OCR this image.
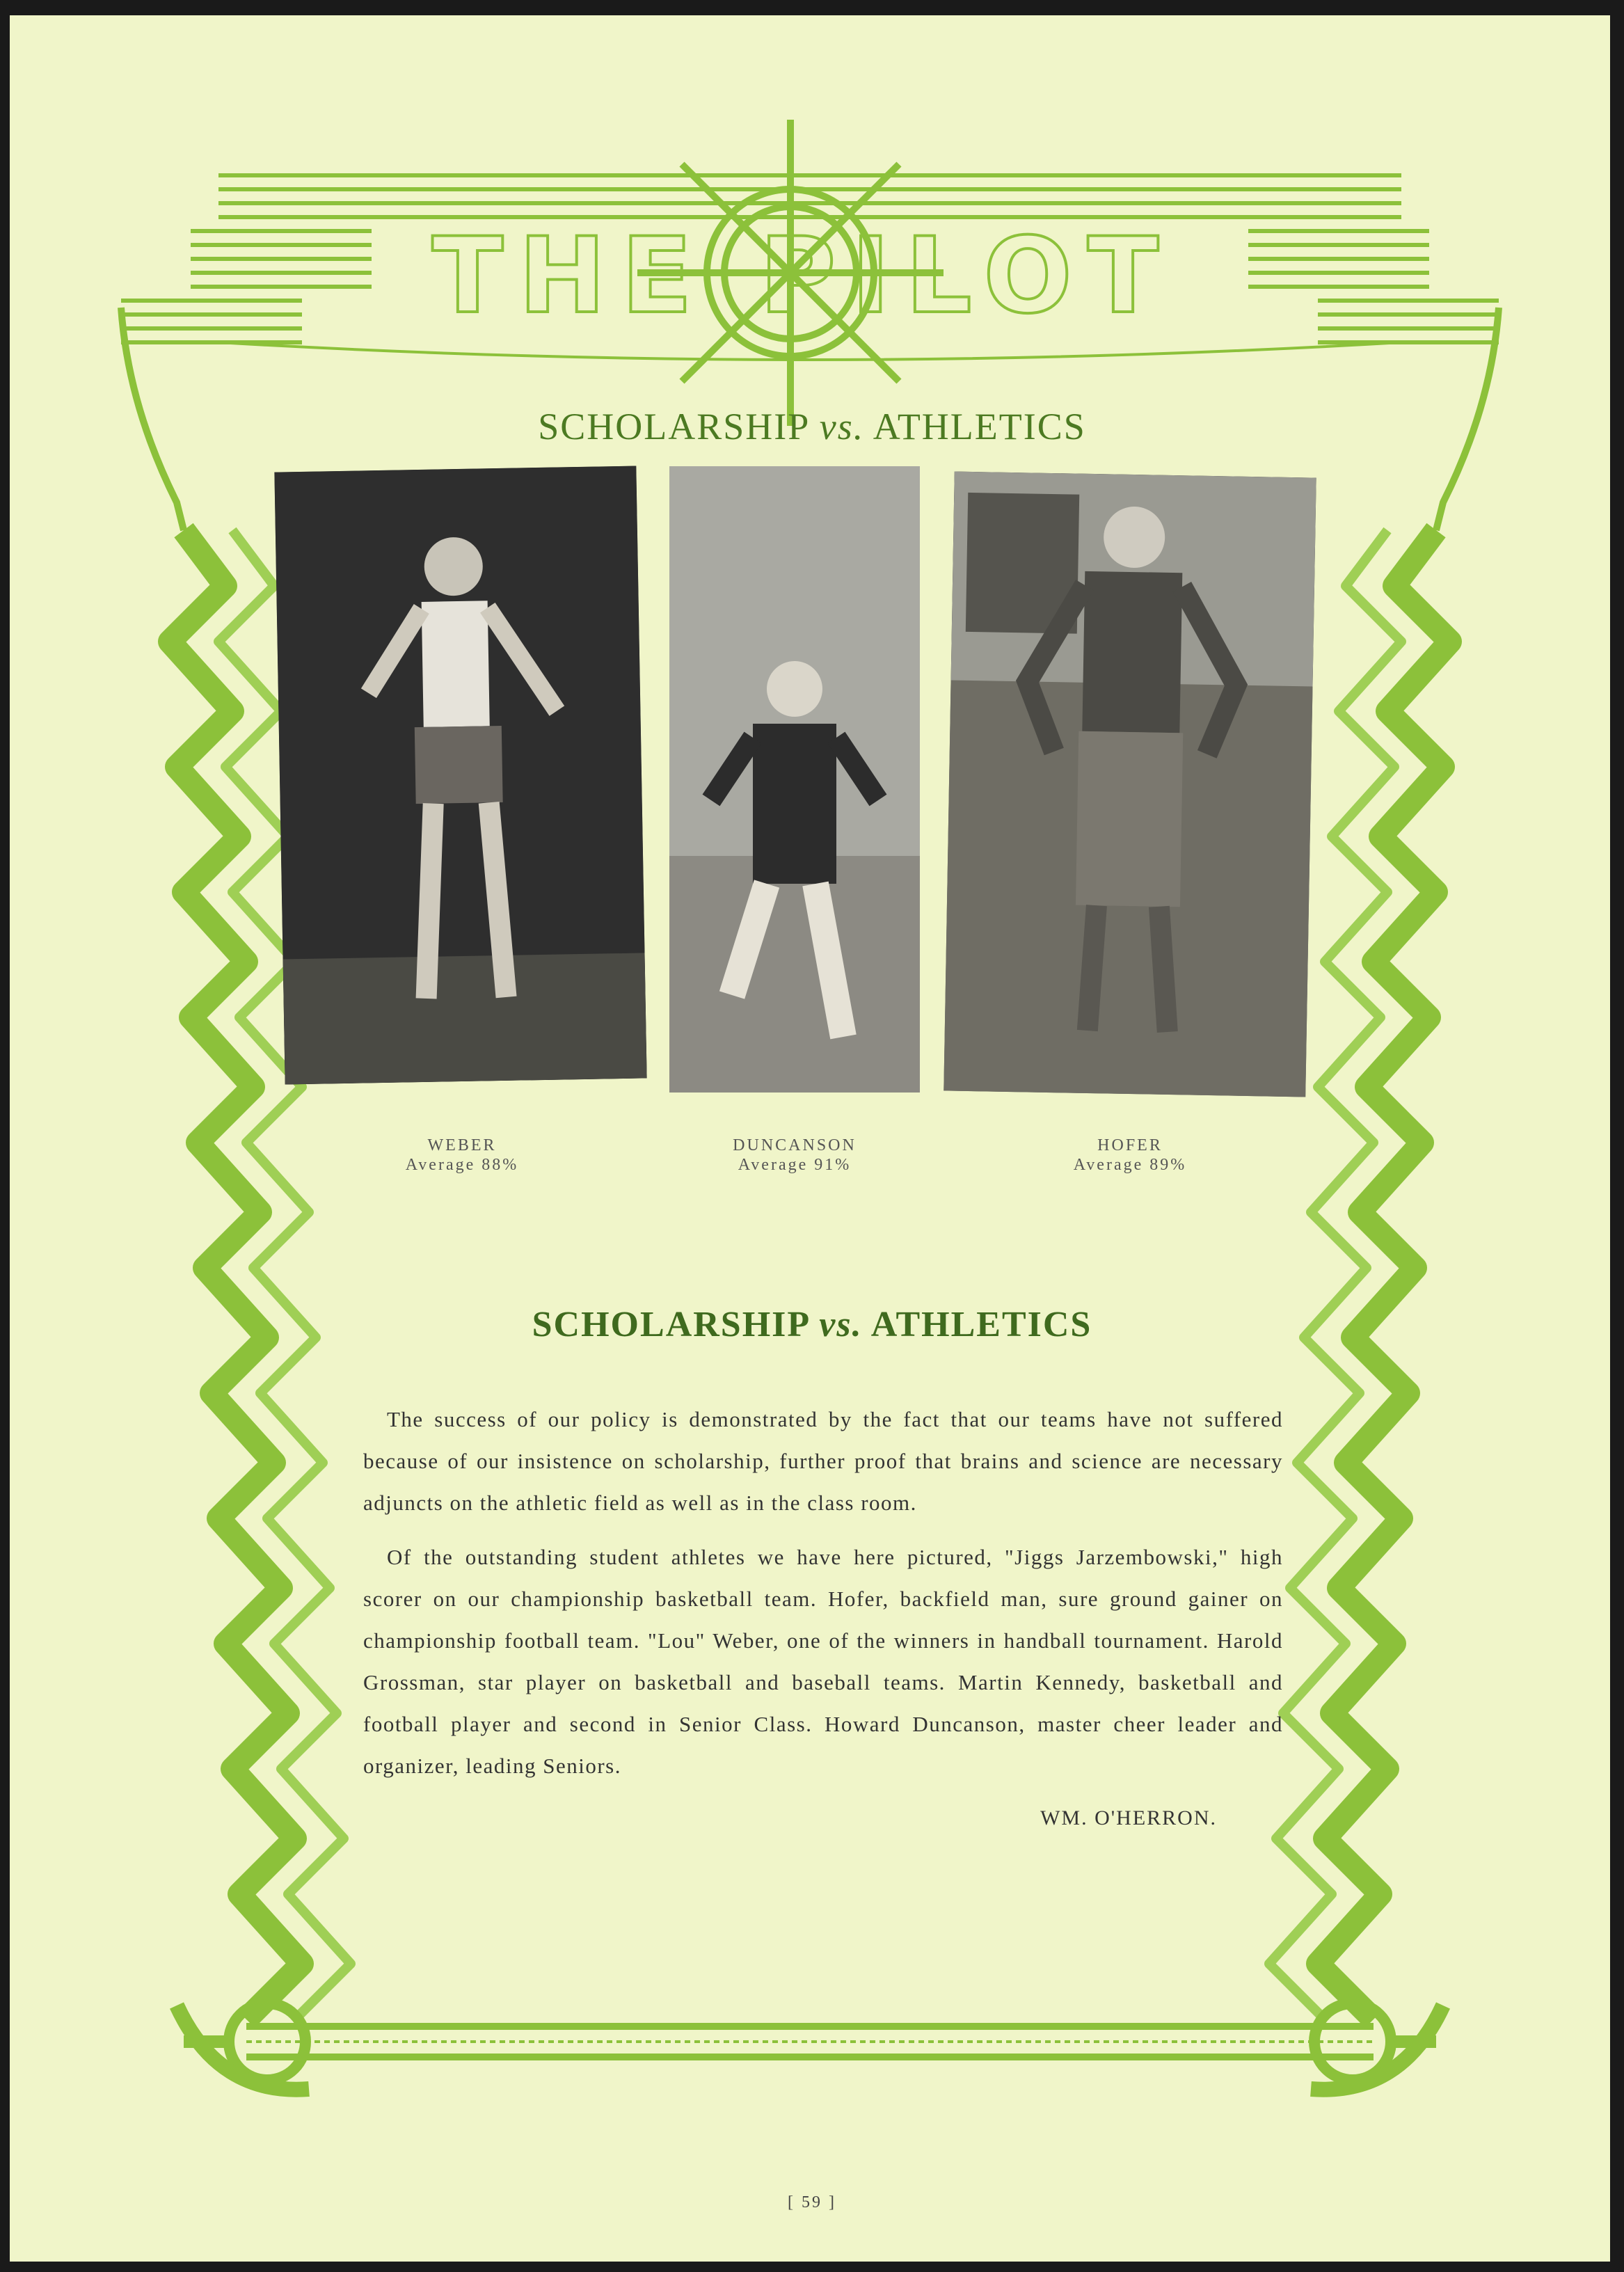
THE PILOT
SCHOLARSHIP vs. ATHLETICS
WEBER
Average 88%
DUNCANSON
Average 91%
HOFER
Average 89%
SCHOLARSHIP vs. ATHLETICS

The success of our policy is demonstrated by the fact that our teams have not suffered because of our insistence on scholarship, further proof that brains and science are necessary adjuncts on the athletic field as well as in the class room.

Of the outstanding student athletes we have here pictured, "Jiggs Jarzembowski," high scorer on our championship basketball team. Hofer, backfield man, sure ground gainer on championship football team. "Lou" Weber, one of the winners in handball tournament. Harold Grossman, star player on basketball and baseball teams. Martin Kennedy, basketball and football player and second in Senior Class. Howard Duncanson, master cheer leader and organizer, leading Seniors.

WM. O'HERRON.
[ 59 ]
